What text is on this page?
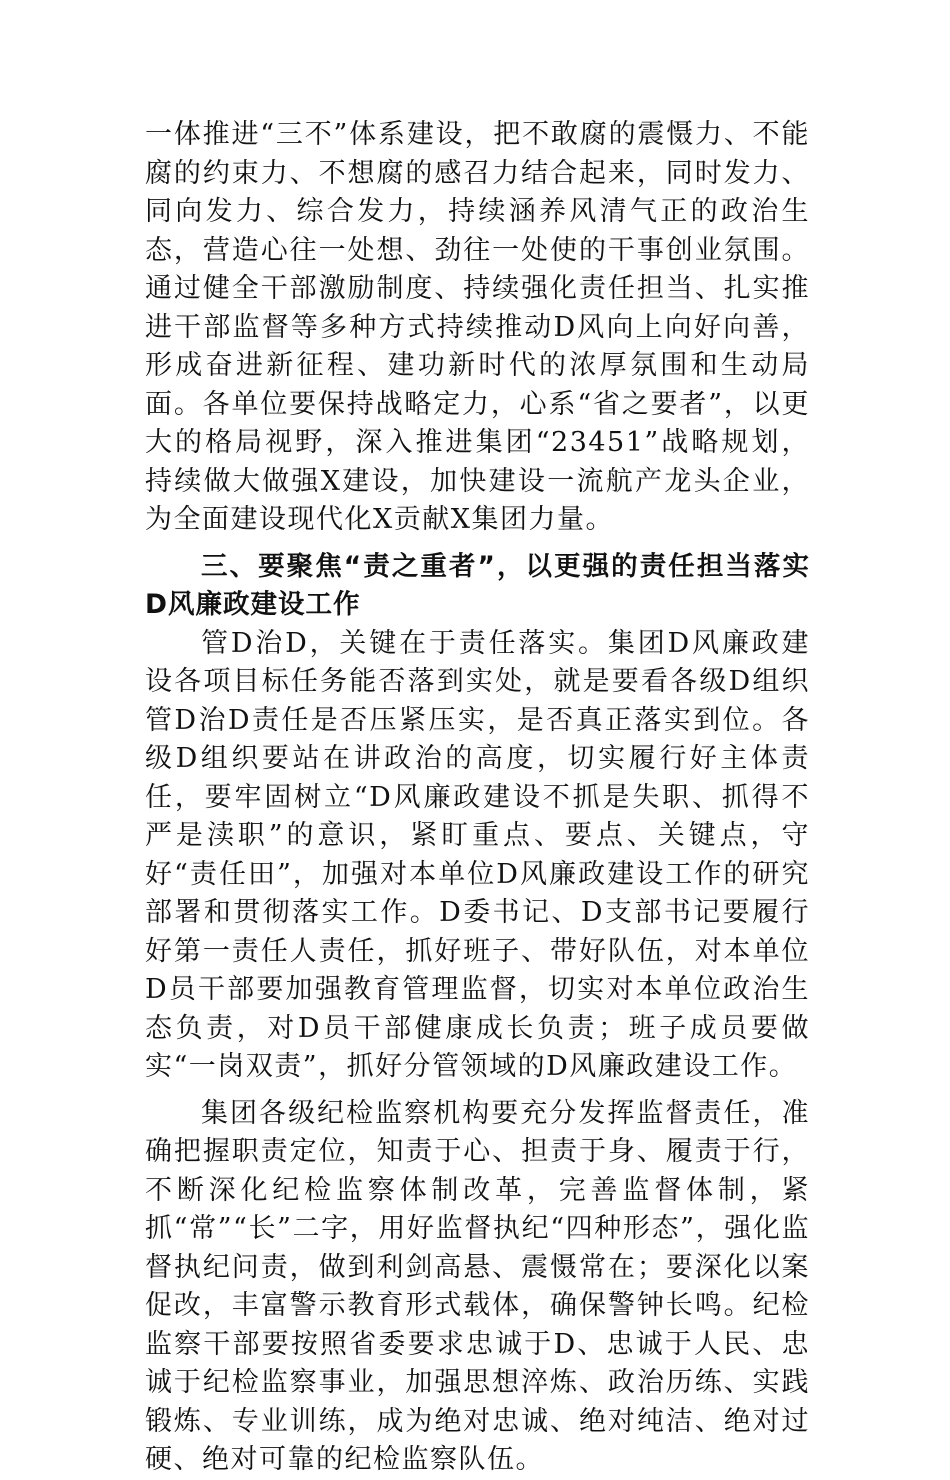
一体推进“三不”体系建设，把不敢腐的震慑力、不能腐的约束力、不想腐的感召力结合起来，同时发力、同向发力、综合发力，持续涵养风清气正的政治生态，营造心往一处想、劲往一处使的干事创业氛围。通过健全干部激励制度、持续强化责任担当、扎实推进干部监督等多种方式持续推动D风向上向好向善，形成奋进新征程、建功新时代的浓厚氛围和生动局面。各单位要保持战略定力，心系“省之要者”，以更大的格局视野，深入推进集团“23451”战略规划，持续做大做强X建设，加快建设一流航产龙头企业，为全面建设现代化X贡献X集团力量。

三、要聚焦“责之重者”，以更强的责任担当落实D风廉政建设工作

管D治D，关键在于责任落实。集团D风廉政建设各项目标任务能否落到实处，就是要看各级D组织管D治D责任是否压紧压实，是否真正落实到位。各级D组织要站在讲政治的高度，切实履行好主体责任，要牢固树立“D风廉政建设不抓是失职、抓得不严是渎职”的意识，紧盯重点、要点、关键点，守好“责任田”，加强对本单位D风廉政建设工作的研究部署和贯彻落实工作。D委书记、D支部书记要履行好第一责任人责任，抓好班子、带好队伍，对本单位D员干部要加强教育管理监督，切实对本单位政治生态负责，对D员干部健康成长负责；班子成员要做实“一岗双责”，抓好分管领域的D风廉政建设工作。

集团各级纪检监察机构要充分发挥监督责任，准确把握职责定位，知责于心、担责于身、履责于行，不断深化纪检监察体制改革，完善监督体制，紧抓“常”“长”二字，用好监督执纪“四种形态”，强化监督执纪问责，做到利剑高悬、震慑常在；要深化以案促改，丰富警示教育形式载体，确保警钟长鸣。纪检监察干部要按照省委要求忠诚于D、忠诚于人民、忠诚于纪检监察事业，加强思想淬炼、政治历练、实践锻炼、专业训练，成为绝对忠诚、绝对纯洁、绝对过硬、绝对可靠的纪检监察队伍。
